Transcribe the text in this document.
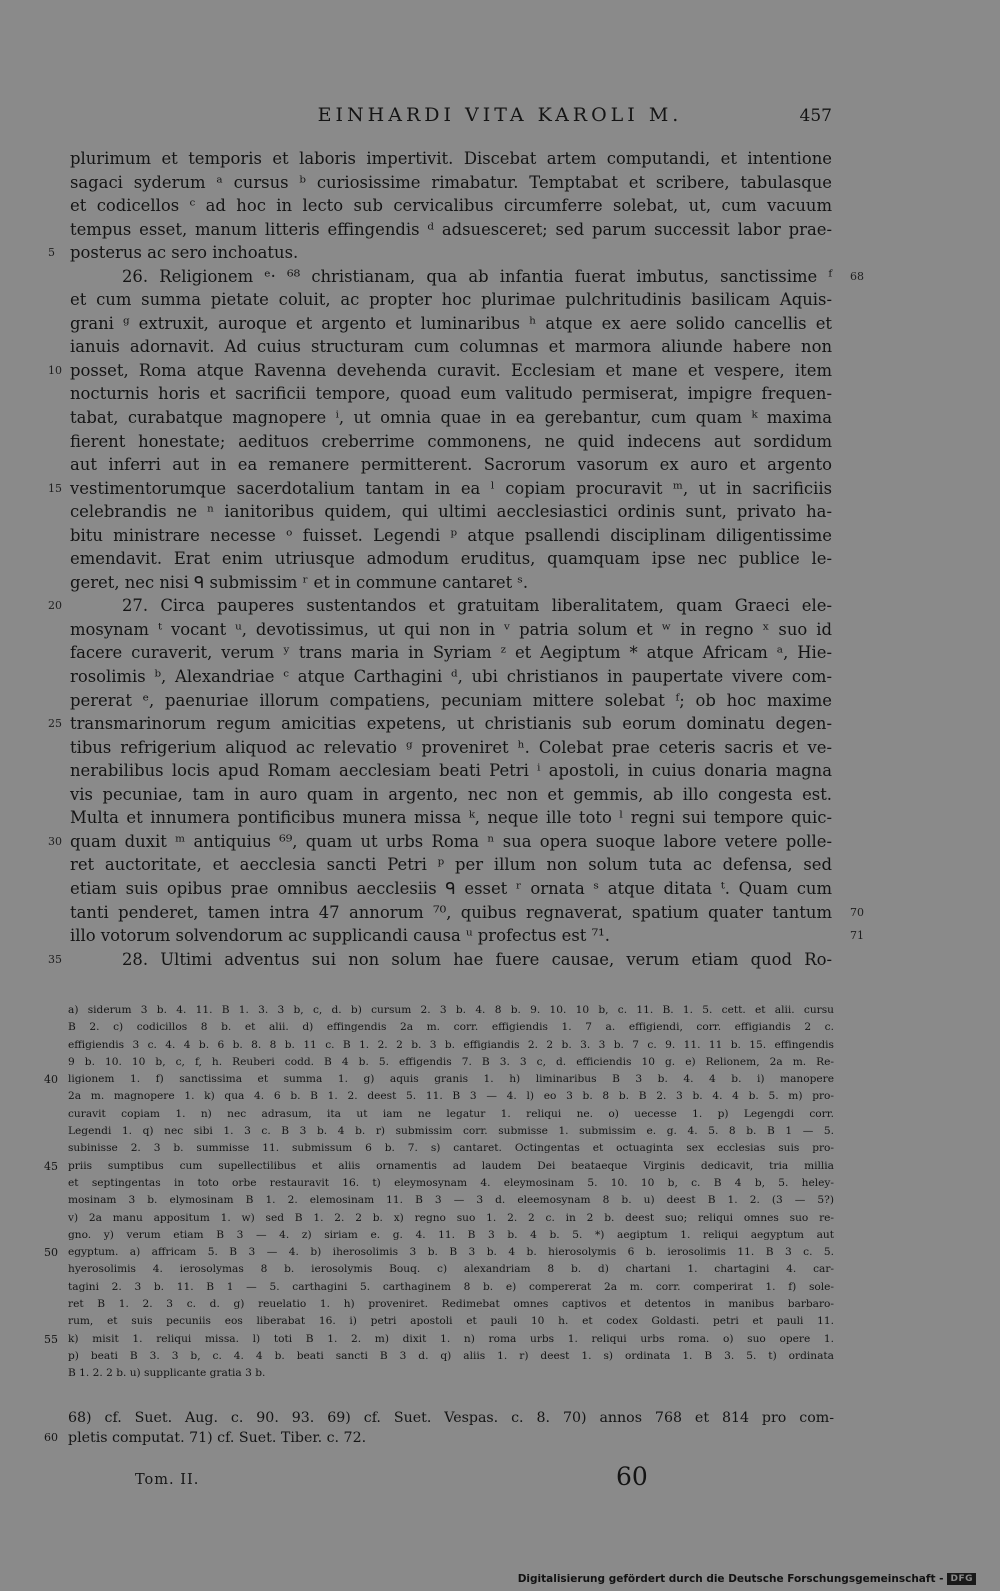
EINHARDI VITA KAROLI M.	457
plurimum et temporis et laboris impertivit. Discebat artem computandi, et intentione
sagaci syderum ᵃ cursus ᵇ curiosissime rimabatur. Temptabat et scribere, tabulasque
et codicellos ᶜ ad hoc in lecto sub cervicalibus circumferre solebat, ut, cum vacuum
tempus esset, manum litteris effingendis ᵈ adsuesceret; sed parum successit labor prae-
5 posterus ac sero inchoatus.
26. Religionem ᵉ· ⁶⁸ christianam, qua ab infantia fuerat imbutus, sanctissime ᶠ 68
et cum summa pietate coluit, ac propter hoc plurimae pulchritudinis basilicam Aquis-
grani ᵍ extruxit, auroque et argento et luminaribus ʰ atque ex aere solido cancellis et
ianuis adornavit. Ad cuius structuram cum columnas et marmora aliunde habere non
10 posset, Roma atque Ravenna devehenda curavit. Ecclesiam et mane et vespere, item
nocturnis horis et sacrificii tempore, quoad eum valitudo permiserat, impigre frequen-
tabat, curabatque magnopere ⁱ, ut omnia quae in ea gerebantur, cum quam ᵏ maxima
fierent honestate; aedituos creberrime commonens, ne quid indecens aut sordidum
aut inferri aut in ea remanere permitterent. Sacrorum vasorum ex auro et argento
15 vestimentorumque sacerdotalium tantam in ea ˡ copiam procuravit ᵐ, ut in sacrificiis
celebrandis ne ⁿ ianitoribus quidem, qui ultimi aecclesiastici ordinis sunt, privato ha-
bitu ministrare necesse ᵒ fuisset. Legendi ᵖ atque psallendi disciplinam diligentissime
emendavit. Erat enim utriusque admodum eruditus, quamquam ipse nec publice le-
geret, nec nisi ᑫ submissim ʳ et in commune cantaret ˢ.
20	27. Circa pauperes sustentandos et gratuitam liberalitatem, quam Graeci ele-
mosynam ᵗ vocant ᵘ, devotissimus, ut qui non in ᵛ patria solum et ʷ in regno ˣ suo id
facere curaverit, verum ʸ trans maria in Syriam ᶻ et Aegiptum * atque Africam ᵃ, Hie-
rosolimis ᵇ, Alexandriae ᶜ atque Carthagini ᵈ, ubi christianos in paupertate vivere com-
pererat ᵉ, paenuriae illorum compatiens, pecuniam mittere solebat ᶠ; ob hoc maxime
25 transmarinorum regum amicitias expetens, ut christianis sub eorum dominatu degen-
tibus refrigerium aliquod ac relevatio ᵍ proveniret ʰ. Colebat prae ceteris sacris et ve-
nerabilibus locis apud Romam aecclesiam beati Petri ⁱ apostoli, in cuius donaria magna
vis pecuniae, tam in auro quam in argento, nec non et gemmis, ab illo congesta est.
Multa et innumera pontificibus munera missa ᵏ, neque ille toto ˡ regni sui tempore quic-
30 quam duxit ᵐ antiquius ⁶⁹, quam ut urbs Roma ⁿ sua opera suoque labore vetere polle-
ret auctoritate, et aecclesia sancti Petri ᵖ per illum non solum tuta ac defensa, sed
etiam suis opibus prae omnibus aecclesiis ᑫ esset ʳ ornata ˢ atque ditata ᵗ. Quam cum
tanti penderet, tamen intra 47 annorum ⁷⁰, quibus regnaverat, spatium quater tantum 70
illo votorum solvendorum ac supplicandi causa ᵘ profectus est ⁷¹.	71
35	28. Ultimi adventus sui non solum hae fuere causae, verum etiam quod Ro-
a) siderum 3 b. 4. 11. B 1. 3. 3 b, c, d. b) cursum 2. 3 b. 4. 8 b. 9. 10. 10 b, c. 11. B. 1. 5. cett. et alii. cursu
B 2. c) codicillos 8 b. et alii. d) effingendis 2a m. corr. effigiendis 1. 7 a. effigiendi, corr. effigiandis 2 c.
effigiendis 3 c. 4. 4 b. 6 b. 8. 8 b. 11 c. B 1. 2. 2 b. 3 b. effigiandis 2. 2 b. 3. 3 b. 7 c. 9. 11. 11 b. 15. effingendis
9 b. 10. 10 b, c, f, h. Reuberi codd. B 4 b. 5. effigendis 7. B 3. 3 c, d. efficiendis 10 g. e) Relionem, 2a m. Re-
40 ligionem 1. f) sanctissima et summa 1. g) aquis granis 1. h) liminaribus B 3 b. 4. 4 b. i) manopere
2a m. magnopere 1. k) qua 4. 6 b. B 1. 2. deest 5. 11. B 3 — 4. l) eo 3 b. 8 b. B 2. 3 b. 4. 4 b. 5. m) pro-
curavit copiam 1. n) nec adrasum, ita ut iam ne legatur 1. reliqui ne. o) uecesse 1. p) Legengdi corr.
Legendi 1. q) nec sibi 1. 3 c. B 3 b. 4 b. r) submissim corr. submisse 1. submissim e. g. 4. 5. 8 b. B 1 — 5.
subinisse 2. 3 b. summisse 11. submissum 6 b. 7. s) cantaret. Octingentas et octuaginta sex ecclesias suis pro-
45 priis sumptibus cum supellectilibus et aliis ornamentis ad laudem Dei beataeque Virginis dedicavit, tria millia
et septingentas in toto orbe restauravit 16. t) eleymosynam 4. eleymosinam 5. 10. 10 b, c. B 4 b, 5. heley-
mosinam 3 b. elymosinam B 1. 2. elemosinam 11. B 3 — 3 d. eleemosynam 8 b. u) deest B 1. 2. (3 — 5?)
v) 2a manu appositum 1. w) sed B 1. 2. 2 b. x) regno suo 1. 2. 2 c. in 2 b. deest suo; reliqui omnes suo re-
gno. y) verum etiam B 3 — 4. z) siriam e. g. 4. 11. B 3 b. 4 b. 5. *) aegiptum 1. reliqui aegyptum aut
50 egyptum. a) affricam 5. B 3 — 4. b) iherosolimis 3 b. B 3 b. 4 b. hierosolymis 6 b. ierosolimis 11. B 3 c. 5.
hyerosolimis 4. ierosolymas 8 b. ierosolymis Bouq. c) alexandriam 8 b. d) chartani 1. chartagini 4. car-
tagini 2. 3 b. 11. B 1 — 5. carthagini 5. carthaginem 8 b. e) compererat 2a m. corr. comperirat 1. f) sole-
ret B 1. 2. 3 c. d. g) reuelatio 1. h) proveniret. Redimebat omnes captivos et detentos in manibus barbaro-
rum, et suis pecuniis eos liberabat 16. i) petri apostoli et pauli 10 h. et codex Goldasti. petri et pauli 11.
55 k) misit 1. reliqui missa. l) toti B 1. 2. m) dixit 1. n) roma urbs 1. reliqui urbs roma. o) suo opere 1.
p) beati B 3. 3 b, c. 4. 4 b. beati sancti B 3 d. q) aliis 1. r) deest 1. s) ordinata 1. B 3. 5. t) ordinata
B 1. 2. 2 b. u) supplicante gratia 3 b.
68) cf. Suet. Aug. c. 90. 93. 69) cf. Suet. Vespas. c. 8. 70) annos 768 et 814 pro com-
60 pletis computat. 71) cf. Suet. Tiber. c. 72.
Tom. II.	60
Digitalisierung gefördert durch die Deutsche Forschungsgemeinschaft - DFG
